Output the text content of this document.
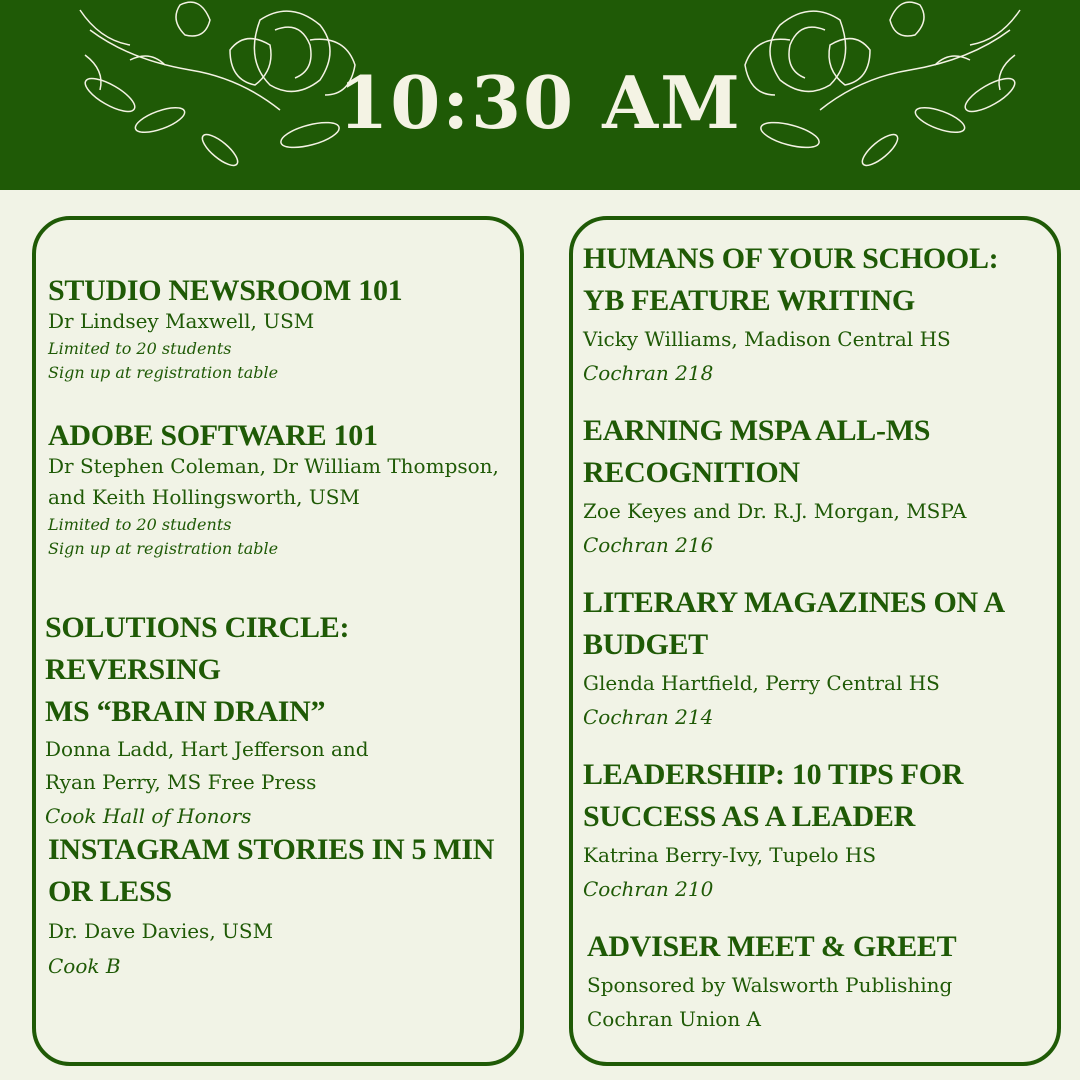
10:30 AM
STUDIO NEWSROOM 101
Dr Lindsey Maxwell, USM
Limited to 20 students
Sign up at registration table
ADOBE SOFTWARE 101
Dr Stephen Coleman, Dr William Thompson,
and Keith Hollingsworth, USM
Limited to 20 students
Sign up at registration table
SOLUTIONS CIRCLE: REVERSING
MS “BRAIN DRAIN”
Donna Ladd, Hart Jefferson and
Ryan Perry, MS Free Press
Cook Hall of Honors
INSTAGRAM STORIES IN 5 MIN
OR LESS
Dr. Dave Davies, USM
Cook B
HUMANS OF YOUR SCHOOL:
YB FEATURE WRITING
Vicky Williams, Madison Central HS
Cochran 218
EARNING MSPA ALL-MS
RECOGNITION
Zoe Keyes and Dr. R.J. Morgan, MSPA
Cochran 216
LITERARY MAGAZINES ON A
BUDGET
Glenda Hartfield, Perry Central HS
Cochran 214
LEADERSHIP: 10 TIPS FOR
SUCCESS AS A LEADER
Katrina Berry-Ivy, Tupelo HS
Cochran 210
ADVISER MEET & GREET
Sponsored by Walsworth Publishing
Cochran Union A
